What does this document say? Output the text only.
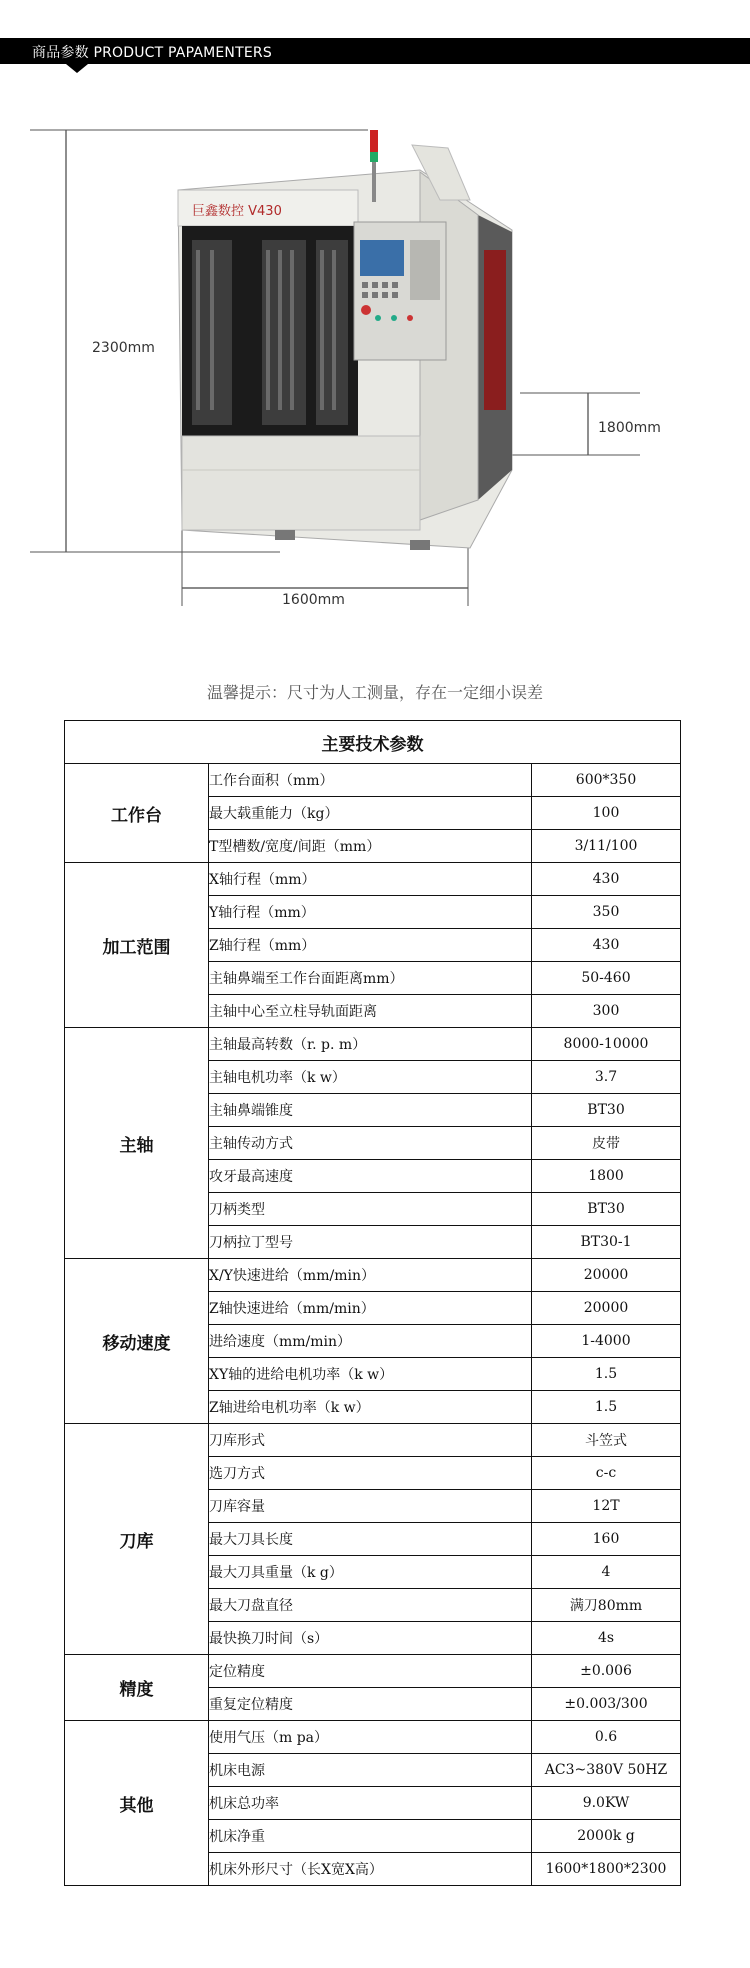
商品参数 PRODUCT PAPAMENTERS
巨鑫数控 V430
2300mm
1800mm
1600mm
温馨提示：尺寸为人工测量，存在一定细小误差
主要技术参数		
工作台	工作台面积（mm）	600*350
	最大载重能力（kg）	100
	T型槽数/宽度/间距（mm）	3/11/100
加工范围	X轴行程（mm）	430
	Y轴行程（mm）	350
	Z轴行程（mm）	430
	主轴鼻端至工作台面距离mm）	50-460
	主轴中心至立柱导轨面距离	300
主轴	主轴最高转数（r. p. m）	8000-10000
	主轴电机功率（k w）	3.7
	主轴鼻端锥度	BT30
	主轴传动方式	皮带
	攻牙最高速度	1800
	刀柄类型	BT30
	刀柄拉丁型号	BT30-1
移动速度	X/Y快速进给（mm/min）	20000
	Z轴快速进给（mm/min）	20000
	进给速度（mm/min）	1-4000
	XY轴的进给电机功率（k w）	1.5
	Z轴进给电机功率（k w）	1.5
刀库	刀库形式	斗笠式
	选刀方式	c-c
	刀库容量	12T
	最大刀具长度	160
	最大刀具重量（k g）	4
	最大刀盘直径	满刀80mm
	最快换刀时间（s）	4s
精度	定位精度	±0.006
	重复定位精度	±0.003/300
其他	使用气压（m pa）	0.6
	机床电源	AC3~380V 50HZ
	机床总功率	9.0KW
	机床净重	2000k g
	机床外形尺寸（长X宽X高）	1600*1800*2300
